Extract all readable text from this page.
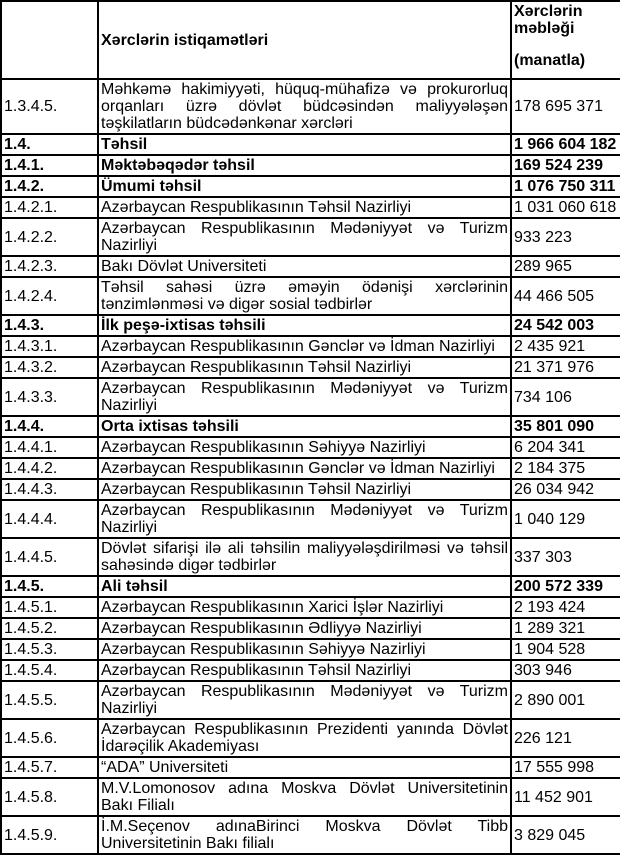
	Xərclərin istiqamətləri	Xərclərin məbləği
(manatla)

1.3.4.5.	Məhkəmə hakimiyyəti, hüquq-mühafizə və prokurorluq orqanları üzrə dövlət büdcəsindən maliyyələşən təşkilatların büdcədənkənar xərcləri	178 695 371
1.4.	Təhsil	1 966 604 182
1.4.1.	Məktəbəqədər təhsil	169 524 239
1.4.2.	Ümumi təhsil	1 076 750 311
1.4.2.1.	Azərbaycan Respublikasının Təhsil Nazirliyi	1 031 060 618
1.4.2.2.	Azərbaycan Respublikasının Mədəniyyət və Turizm Nazirliyi	933 223
1.4.2.3.	Bakı Dövlət Universiteti	289 965
1.4.2.4.	Təhsil sahəsi üzrə əməyin ödənişi xərclərinin tənzimlənməsi və digər sosial tədbirlər	44 466 505
1.4.3.	İlk peşə-ixtisas təhsili	24 542 003
1.4.3.1.	Azərbaycan Respublikasının Gənclər və İdman Nazirliyi	2 435 921
1.4.3.2.	Azərbaycan Respublikasının Təhsil Nazirliyi	21 371 976
1.4.3.3.	Azərbaycan Respublikasının Mədəniyyət və Turizm Nazirliyi	734 106
1.4.4.	Orta ixtisas təhsili	35 801 090
1.4.4.1.	Azərbaycan Respublikasının Səhiyyə Nazirliyi	6 204 341
1.4.4.2.	Azərbaycan Respublikasının Gənclər və İdman Nazirliyi	2 184 375
1.4.4.3.	Azərbaycan Respublikasının Təhsil Nazirliyi	26 034 942
1.4.4.4.	Azərbaycan Respublikasının Mədəniyyət və Turizm Nazirliyi	1 040 129
1.4.4.5.	Dövlət sifarişi ilə ali təhsilin maliyyələşdirilməsi və təhsil sahəsində digər tədbirlər	337 303
1.4.5.	Ali təhsil	200 572 339
1.4.5.1.	Azərbaycan Respublikasının Xarici İşlər Nazirliyi	2 193 424
1.4.5.2.	Azərbaycan Respublikasının Ədliyyə Nazirliyi	1 289 321
1.4.5.3.	Azərbaycan Respublikasının Səhiyyə Nazirliyi	1 904 528
1.4.5.4.	Azərbaycan Respublikasının Təhsil Nazirliyi	303 946
1.4.5.5.	Azərbaycan Respublikasının Mədəniyyət və Turizm Nazirliyi	2 890 001
1.4.5.6.	Azərbaycan Respublikasının Prezidenti yanında Dövlət İdarəçilik Akademiyası	226 121
1.4.5.7.	“ADA” Universiteti	17 555 998
1.4.5.8.	M.V.Lomonosov adına Moskva Dövlət Universitetinin Bakı Filialı	11 452 901
1.4.5.9.	İ.M.Seçenov adınaBirinci Moskva Dövlət Tibb Universitetinin Bakı filialı	3 829 045
